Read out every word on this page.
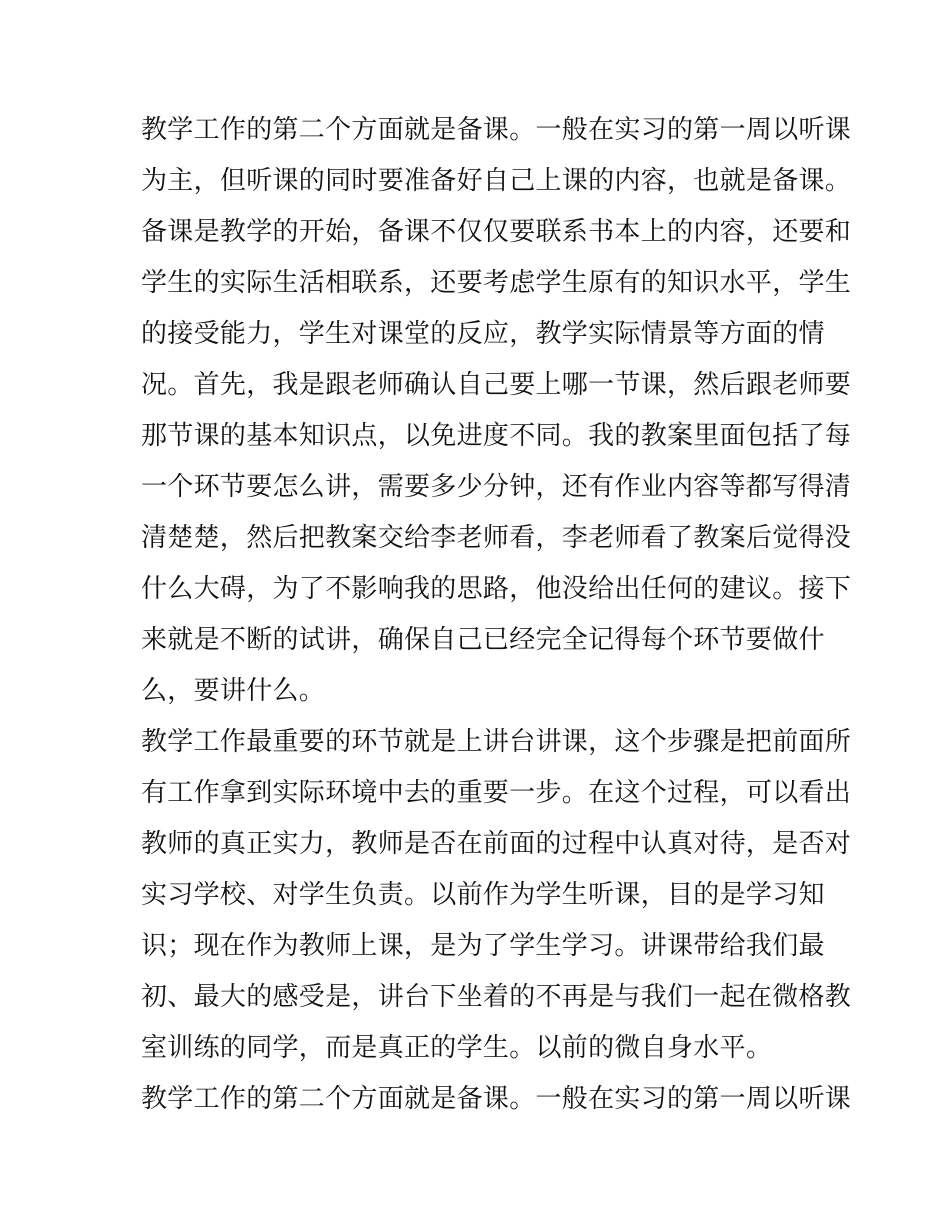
教学工作的第二个方面就是备课。一般在实习的第一周以听课
为主，但听课的同时要准备好自己上课的内容，也就是备课。
备课是教学的开始，备课不仅仅要联系书本上的内容，还要和
学生的实际生活相联系，还要考虑学生原有的知识水平，学生
的接受能力，学生对课堂的反应，教学实际情景等方面的情
况。首先，我是跟老师确认自己要上哪一节课，然后跟老师要
那节课的基本知识点，以免进度不同。我的教案里面包括了每
一个环节要怎么讲，需要多少分钟，还有作业内容等都写得清
清楚楚，然后把教案交给李老师看，李老师看了教案后觉得没
什么大碍，为了不影响我的思路，他没给出任何的建议。接下
来就是不断的试讲，确保自己已经完全记得每个环节要做什
么，要讲什么。
教学工作最重要的环节就是上讲台讲课，这个步骤是把前面所
有工作拿到实际环境中去的重要一步。在这个过程，可以看出
教师的真正实力，教师是否在前面的过程中认真对待，是否对
实习学校、对学生负责。以前作为学生听课，目的是学习知
识；现在作为教师上课，是为了学生学习。讲课带给我们最
初、最大的感受是，讲台下坐着的不再是与我们一起在微格教
室训练的同学，而是真正的学生。以前的微自身水平。
教学工作的第二个方面就是备课。一般在实习的第一周以听课
